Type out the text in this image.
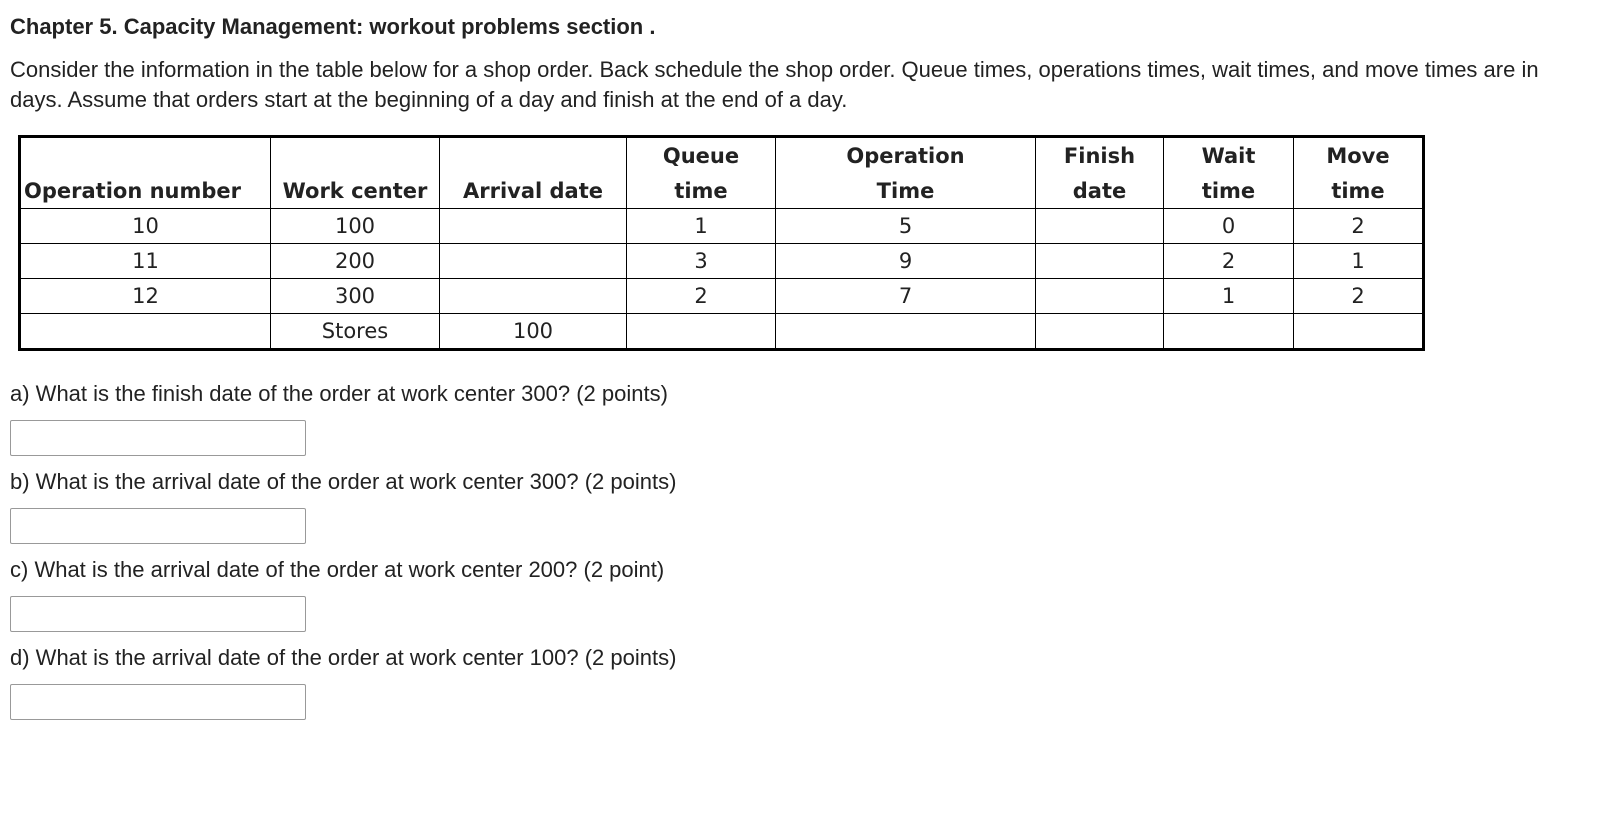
Chapter 5. Capacity Management: workout problems section .
Consider the information in the table below for a shop order. Back schedule the shop order. Queue times, operations times, wait times, and move times are in days. Assume that orders start at the beginning of a day and finish at the end of a day.
			Queue	Operation	Finish	Wait	Move
Operation number	Work center	Arrival date	time	Time	date	time	time
10	100		1	5		0	2
11	200		3	9		2	1
12	300		2	7		1	2
	Stores	100					
a) What is the finish date of the order at work center 300? (2 points)
b) What is the arrival date of the order at work center 300? (2 points)
c) What is the arrival date of the order at work center 200? (2 point)
d) What is the arrival date of the order at work center 100? (2 points)
